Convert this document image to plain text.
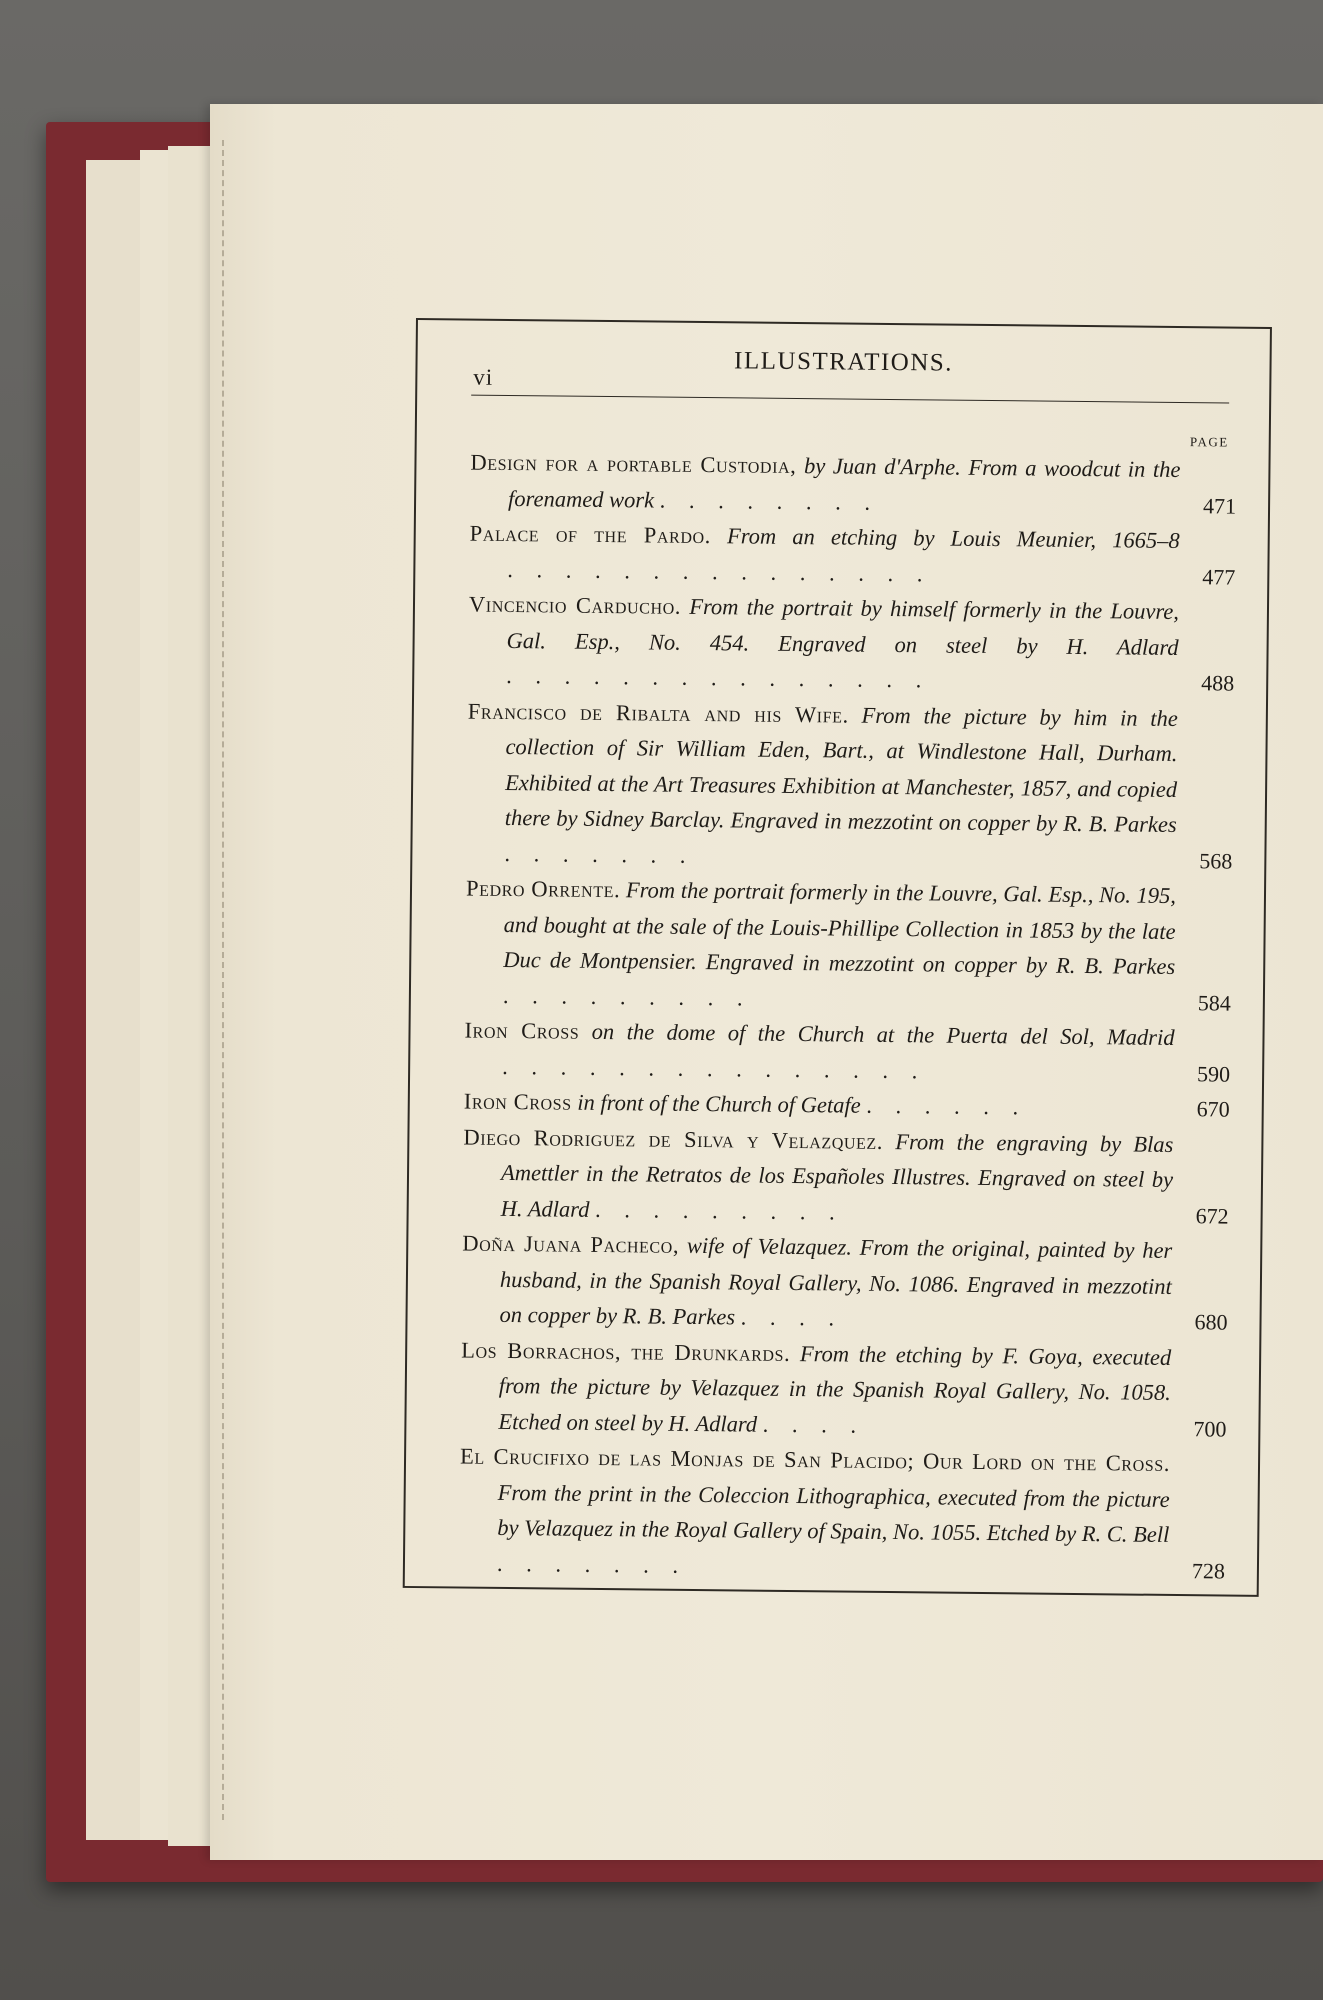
vi
ILLUSTRATIONS.
PAGE
Design for a portable Custodia, by Juan d'Arphe. From a woodcut in the forenamed work . . . . . . . .	471
Palace of the Pardo. From an etching by Louis Meunier, 1665–8 . . . . . . . . . . . . . . .	477
Vincencio Carducho. From the portrait by himself formerly in the Louvre, Gal. Esp., No. 454. Engraved on steel by H. Adlard . . . . . . . . . . . . . . .	488
Francisco de Ribalta and his Wife. From the picture by him in the collection of Sir William Eden, Bart., at Windlestone Hall, Durham. Exhibited at the Art Treasures Exhibition at Manchester, 1857, and copied there by Sidney Barclay. Engraved in mezzotint on copper by R. B. Parkes . . . . . . .	568
Pedro Orrente. From the portrait formerly in the Louvre, Gal. Esp., No. 195, and bought at the sale of the Louis-Phillipe Collection in 1853 by the late Duc de Montpensier. Engraved in mezzotint on copper by R. B. Parkes . . . . . . . . .	584
Iron Cross on the dome of the Church at the Puerta del Sol, Madrid . . . . . . . . . . . . . . .	590
Iron Cross in front of the Church of Getafe . . . . . .	670
Diego Rodriguez de Silva y Velazquez. From the engraving by Blas Amettler in the Retratos de los Españoles Illustres. Engraved on steel by H. Adlard . . . . . . . . .	672
Doña Juana Pacheco, wife of Velazquez. From the original, painted by her husband, in the Spanish Royal Gallery, No. 1086. Engraved in mezzotint on copper by R. B. Parkes . . . .	680
Los Borrachos, the Drunkards. From the etching by F. Goya, executed from the picture by Velazquez in the Spanish Royal Gallery, No. 1058. Etched on steel by H. Adlard . . . .	700
El Crucifixo de las Monjas de San Placido; Our Lord on the Cross. From the print in the Coleccion Lithographica, executed from the picture by Velazquez in the Royal Gallery of Spain, No. 1055. Etched by R. C. Bell . . . . . . .	728
